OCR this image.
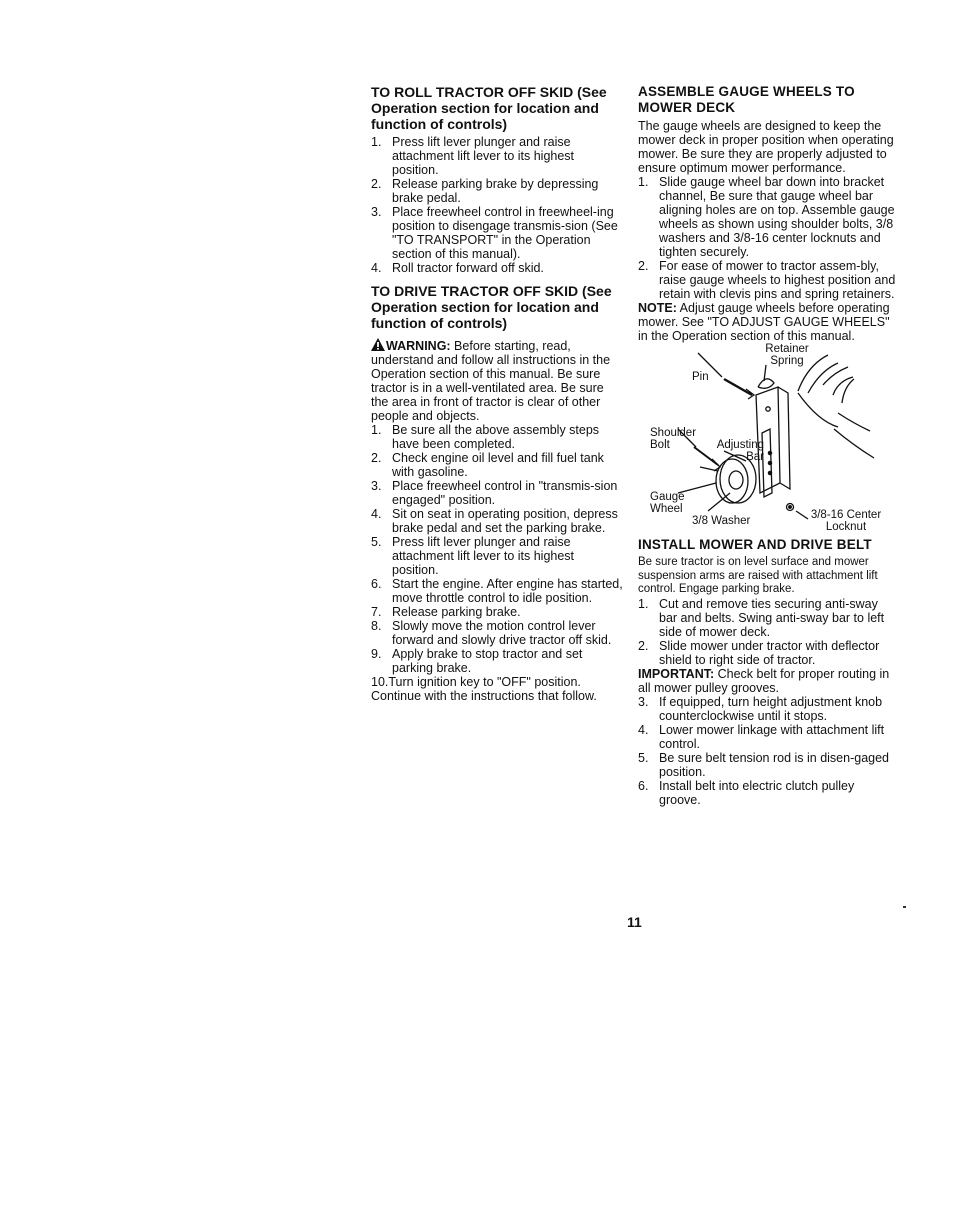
TO ROLL TRACTOR OFF SKID (See Operation section for location and function of controls)
1. Press lift lever plunger and raise attachment lift lever to its highest position.
2. Release parking brake by depressing brake pedal.
3. Place freewheel control in freewheel-ing position to disengage transmis-sion (See "TO TRANSPORT" in the Operation section of this manual).
4. Roll tractor forward off skid.
TO DRIVE TRACTOR OFF SKID (See Operation section for location and function of controls)

WARNING: Before starting, read, understand and follow all instructions in the Operation section of this manual. Be sure tractor is in a well-ventilated area. Be sure the area in front of tractor is clear of other people and objects.

1. Be sure all the above assembly steps have been completed.
2. Check engine oil level and fill fuel tank with gasoline.
3. Place freewheel control in "transmis-sion engaged" position.
4. Sit on seat in operating position, depress brake pedal and set the parking brake.
5. Press lift lever plunger and raise attachment lift lever to its highest position.
6. Start the engine. After engine has started, move throttle control to idle position.
7. Release parking brake.
8. Slowly move the motion control lever forward and slowly drive tractor off skid.
9. Apply brake to stop tractor and set parking brake.

10.Turn ignition key to "OFF" position.

Continue with the instructions that follow.

ASSEMBLE GAUGE WHEELS TO MOWER DECK

The gauge wheels are designed to keep the mower deck in proper position when operating mower. Be sure they are properly adjusted to ensure optimum mower performance.

1. Slide gauge wheel bar down into bracket channel, Be sure that gauge wheel bar aligning holes are on top. Assemble gauge wheels as shown using shoulder bolts, 3/8 washers and 3/8-16 center locknuts and tighten securely.
2. For ease of mower to tractor assem-bly, raise gauge wheels to highest position and retain with clevis pins and spring retainers.

NOTE: Adjust gauge wheels before operating mower. See "TO ADJUST GAUGE WHEELS" in the Operation section of this manual.

Retainer Spring
Pin
Shoulder Bolt	Adjusting Bar
Gauge Wheel
3/8 Washer	3/8-16 Center Locknut
INSTALL MOWER AND DRIVE BELT

Be sure tractor is on level surface and mower suspension arms are raised with attachment lift control. Engage parking brake.

1. Cut and remove ties securing anti-sway bar and belts. Swing anti-sway bar to left side of mower deck.
2. Slide mower under tractor with deflector shield to right side of tractor.

IMPORTANT: Check belt for proper routing in all mower pulley grooves.

3. If equipped, turn height adjustment knob counterclockwise until it stops.
4. Lower mower linkage with attachment lift control.
5. Be sure belt tension rod is in disen-gaged position.
6. Install belt into electric clutch pulley groove.
11
